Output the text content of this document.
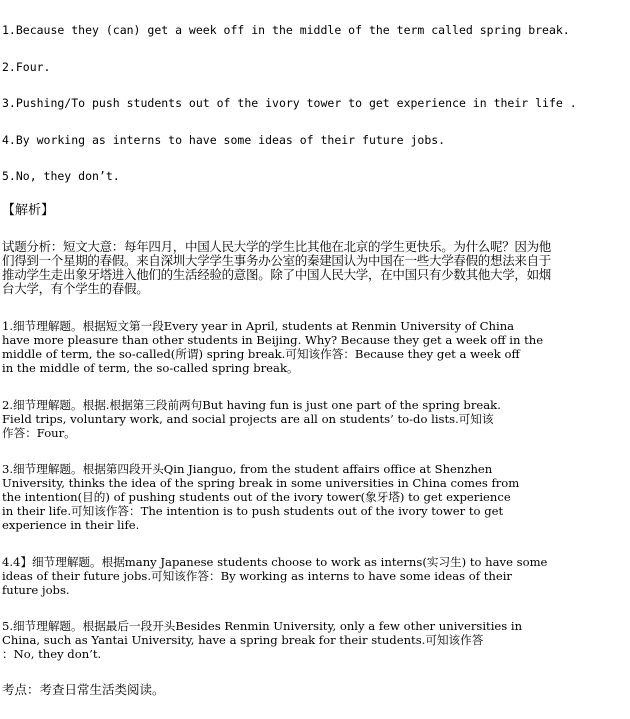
1.Because they (can) get a week off in the middle of the term called spring break.
2.Four.
3.Pushing/To push students out of the ivory tower to get experience in their life .
4.By working as interns to have some ideas of their future jobs.
5.No, they don’t.
【解析】
试题分析：短文大意：每年四月，中国人民大学的学生比其他在北京的学生更快乐。为什么呢？因为他
们得到一个星期的春假。来自深圳大学学生事务办公室的秦建国认为中国在一些大学春假的想法来自于
推动学生走出象牙塔进入他们的生活经验的意图。除了中国人民大学，在中国只有少数其他大学，如烟
台大学，有个学生的春假。
1.细节理解题。根据短文第一段Every year in April, students at Renmin University of China
have more pleasure than other students in Beijing. Why? Because they get a week off in the
middle of term, the so-called(所谓) spring break.可知该作答：Because they get a week off
in the middle of term, the so-called spring break。
2.细节理解题。根据.根据第三段前两句But having fun is just one part of the spring break.
Field trips, voluntary work, and social projects are all on students’ to-do lists.可知该
作答：Four。
3.细节理解题。根据第四段开头Qin Jianguo, from the student affairs office at Shenzhen
University, thinks the idea of the spring break in some universities in China comes from
the intention(目的) of pushing students out of the ivory tower(象牙塔) to get experience
in their life.可知该作答：The intention is to push students out of the ivory tower to get
experience in their life.
4.4】细节理解题。根据many Japanese students choose to work as interns(实习生) to have some
ideas of their future jobs.可知该作答：By working as interns to have some ideas of their
future jobs.
5.细节理解题。根据最后一段开头Besides Renmin University, only a few other universities in
China, such as Yantai University, have a spring break for their students.可知该作答
：No, they don’t.
考点：考查日常生活类阅读。
